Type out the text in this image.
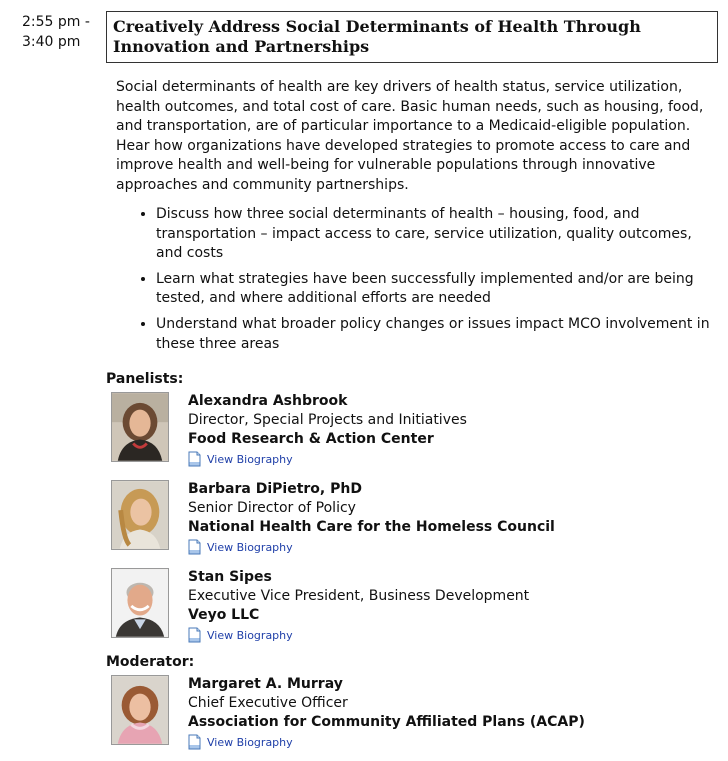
2:55 pm -
3:40 pm
Creatively Address Social Determinants of Health Through Innovation and Partnerships

Social determinants of health are key drivers of health status, service utilization, health outcomes, and total cost of care. Basic human needs, such as housing, food, and transportation, are of particular importance to a Medicaid-eligible population. Hear how organizations have developed strategies to promote access to care and improve health and well-being for vulnerable populations through innovative approaches and community partnerships.

• Discuss how three social determinants of health – housing, food, and transportation – impact access to care, service utilization, quality outcomes, and costs
• Learn what strategies have been successfully implemented and/or are being tested, and where additional efforts are needed
• Understand what broader policy changes or issues impact MCO involvement in these three areas
Panelists:
Alexandra Ashbrook
Director, Special Projects and Initiatives
Food Research & Action Center
View Biography
Barbara DiPietro, PhD
Senior Director of Policy
National Health Care for the Homeless Council
View Biography
Stan Sipes
Executive Vice President, Business Development
Veyo LLC
View Biography
Moderator:
Margaret A. Murray
Chief Executive Officer
Association for Community Affiliated Plans (ACAP)
View Biography
